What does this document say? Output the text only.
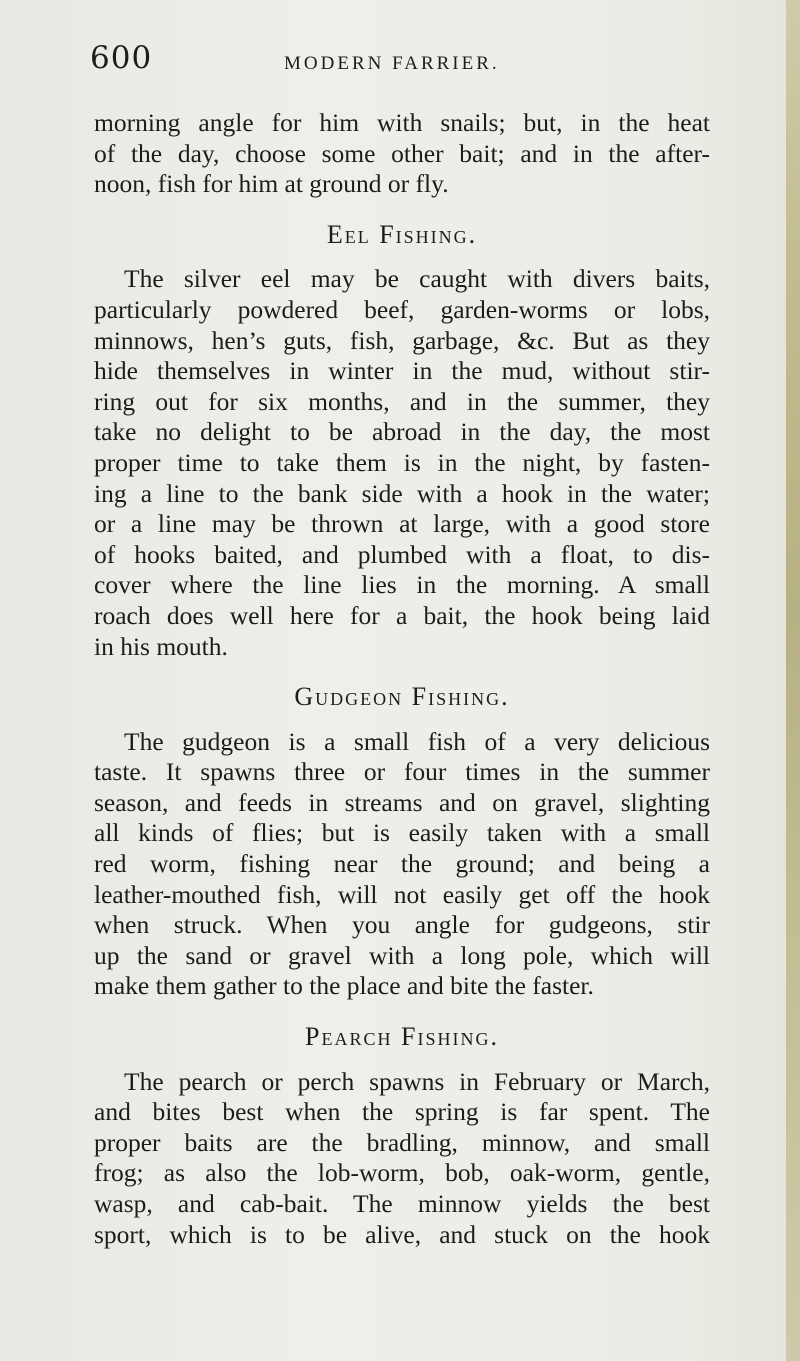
600	MODERN FARRIER.
morning angle for him with snails; but, in the heat
of the day, choose some other bait; and in the after-
noon, fish for him at ground or fly.
Eel Fishing.
The silver eel may be caught with divers baits,
particularly powdered beef, garden-worms or lobs,
minnows, hen’s guts, fish, garbage, &c. But as they
hide themselves in winter in the mud, without stir-
ring out for six months, and in the summer, they
take no delight to be abroad in the day, the most
proper time to take them is in the night, by fasten-
ing a line to the bank side with a hook in the water;
or a line may be thrown at large, with a good store
of hooks baited, and plumbed with a float, to dis-
cover where the line lies in the morning. A small
roach does well here for a bait, the hook being laid
in his mouth.
Gudgeon Fishing.
The gudgeon is a small fish of a very delicious
taste. It spawns three or four times in the summer
season, and feeds in streams and on gravel, slighting
all kinds of flies; but is easily taken with a small
red worm, fishing near the ground; and being a
leather-mouthed fish, will not easily get off the hook
when struck. When you angle for gudgeons, stir
up the sand or gravel with a long pole, which will
make them gather to the place and bite the faster.
Pearch Fishing.
The pearch or perch spawns in February or March,
and bites best when the spring is far spent. The
proper baits are the bradling, minnow, and small
frog; as also the lob-worm, bob, oak-worm, gentle,
wasp, and cab-bait. The minnow yields the best
sport, which is to be alive, and stuck on the hook
